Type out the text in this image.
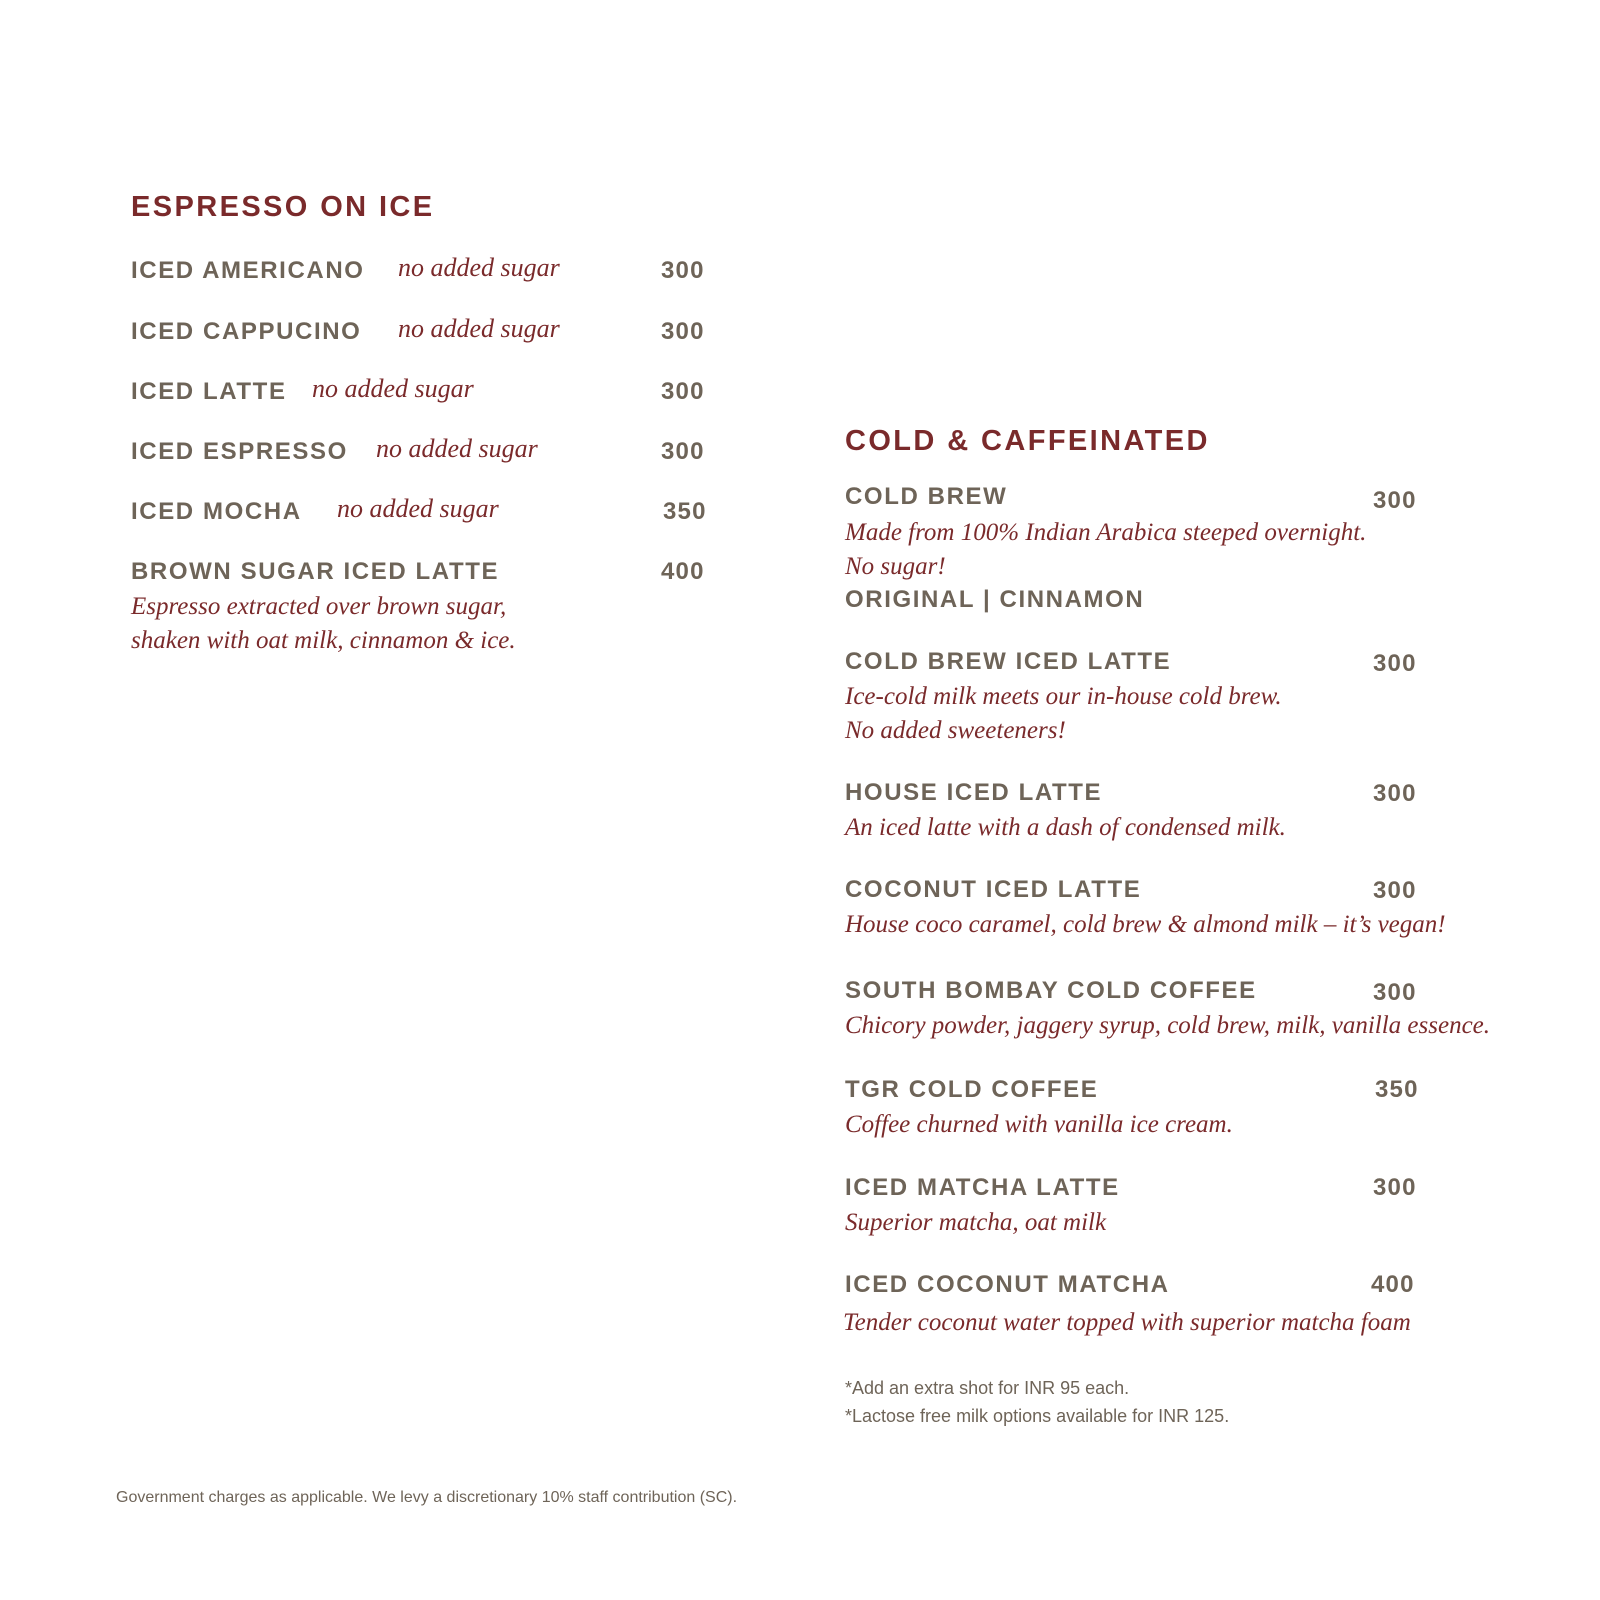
ESPRESSO ON ICE
ICED AMERICANO no added sugar	300
ICED CAPPUCINO no added sugar	300
ICED LATTE no added sugar	300
ICED ESPRESSO no added sugar	300
ICED MOCHA no added sugar	350
BROWN SUGAR ICED LATTE	400
Espresso extracted over brown sugar,
shaken with oat milk, cinnamon & ice.
COLD & CAFFEINATED
COLD BREW	300
Made from 100% Indian Arabica steeped overnight.
No sugar!
ORIGINAL | CINNAMON
COLD BREW ICED LATTE	300
Ice-cold milk meets our in-house cold brew.
No added sweeteners!
HOUSE ICED LATTE	300
An iced latte with a dash of condensed milk.
COCONUT ICED LATTE	300
House coco caramel, cold brew & almond milk – it’s vegan!
SOUTH BOMBAY COLD COFFEE	300
Chicory powder, jaggery syrup, cold brew, milk, vanilla essence.
TGR COLD COFFEE	350
Coffee churned with vanilla ice cream.
ICED MATCHA LATTE	300
Superior matcha, oat milk
ICED COCONUT MATCHA	400
Tender coconut water topped with superior matcha foam
*Add an extra shot for INR 95 each.
*Lactose free milk options available for INR 125.
Government charges as applicable. We levy a discretionary 10% staff contribution (SC).
